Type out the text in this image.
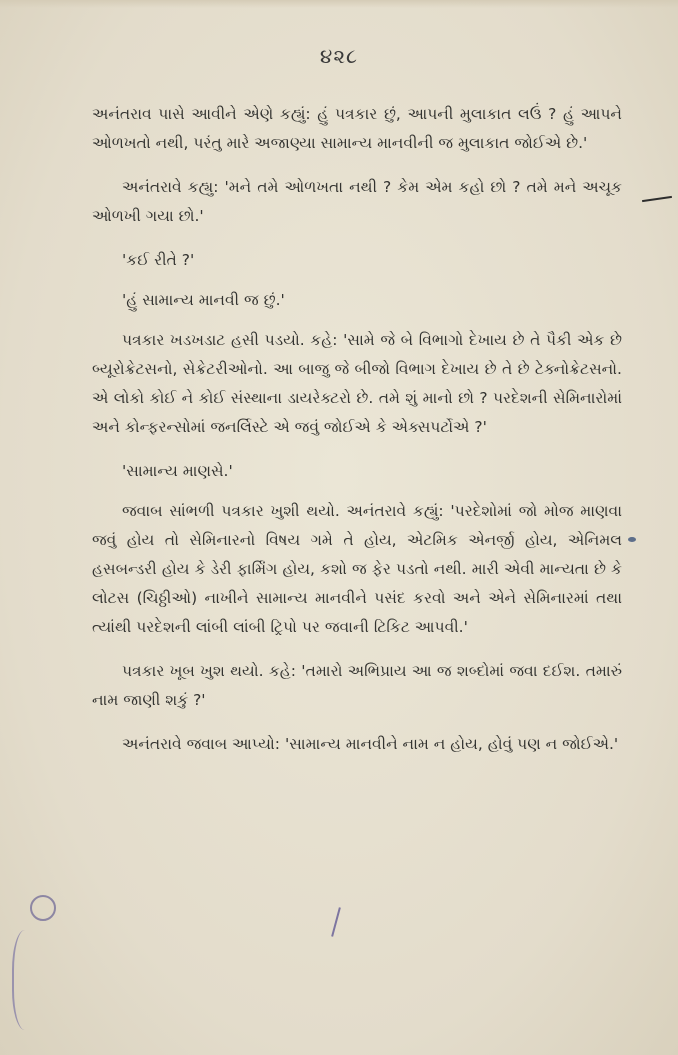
૪૨૮

અનંતરાવ પાસે આવીને એણે કહ્યું: હું પત્રકાર છું, આપની મુલાકાત લઉં ? હું આપને ઓળખતો નથી, પરંતુ મારે અજાણ્યા સામાન્ય માનવીની જ મુલાકાત જોઈએ છે.'

અનંતરાવે કહ્યુ: 'મને તમે ઓળખતા નથી ? કેમ એમ કહો છો ? તમે મને અચૂક ઓળખી ગયા છો.'

'કઈ રીતે ?'

'હું સામાન્ય માનવી જ છું.'

પત્રકાર ખડખડાટ હસી પડયો. કહે: 'સામે જે બે વિભાગો દેખાય છે તે પૈકી એક છે બ્યૂરોક્રેટસનો, સેક્રેટરીઓનો. આ બાજુ જે બીજો વિભાગ દેખાય છે તે છે ટેક્નોક્રેટસનો. એ લોકો કોઈ ને કોઈ સંસ્થાના ડાયરેક્ટરો છે. તમે શું માનો છો ? પરદેશની સેમિનારોમાં અને કોન્ફરન્સોમાં જનર્લિસ્ટે એ જવું જોઈએ કે એક્સપર્ટોએ ?'

'સામાન્ય માણસે.'

જવાબ સાંભળી પત્રકાર ખુશી થયો. અનંતરાવે કહ્યું: 'પરદેશોમાં જો મોજ માણવા જવું હોય તો સેમિનારનો વિષય ગમે તે હોય, એટમિક એનર્જી હોય, એનિમલ હસબન્ડરી હોય કે ડેરી ફાર્મિંગ હોય, કશો જ ફેર પડતો નથી. મારી એવી માન્યતા છે કે લોટસ (ચિઠ્ઠીઓ) નાખીને સામાન્ય માનવીને પસંદ કરવો અને એને સેમિનારમાં તથા ત્યાંથી પરદેશની લાંબી લાંબી ટ્રિપો પર જવાની ટિકિટ આપવી.'

પત્રકાર ખૂબ ખુશ થયો. કહે: 'તમારો અભિપ્રાય આ જ શબ્દોમાં જવા દઈશ. તમારું નામ જાણી શકું ?'

અનંતરાવે જવાબ આપ્યો: 'સામાન્ય માનવીને નામ ન હોય, હોવું પણ ન જોઈએ.'
